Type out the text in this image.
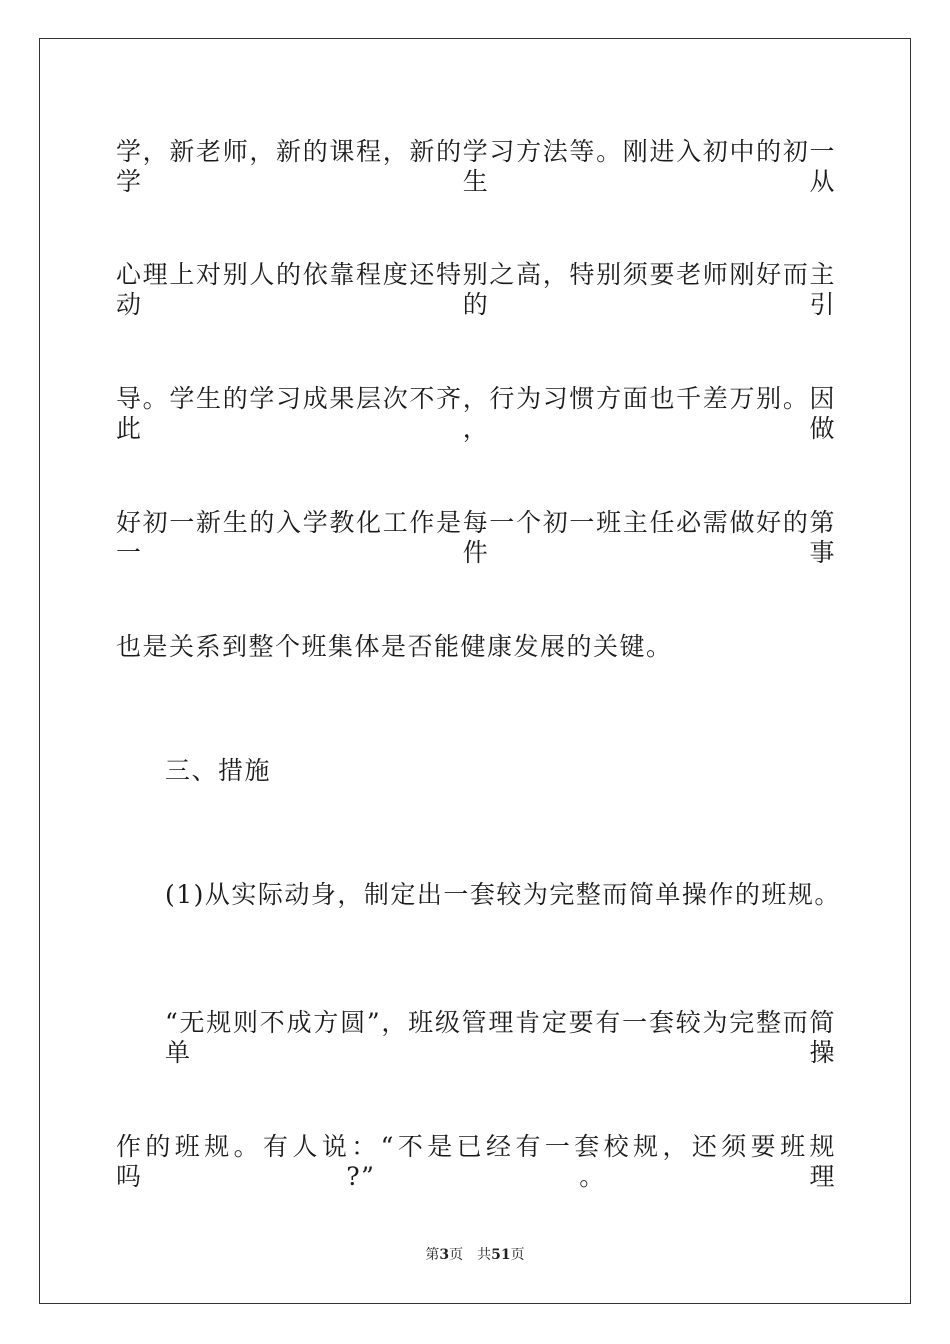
学，新老师，新的课程，新的学习方法等。刚进入初中的初一学生从
心理上对别人的依靠程度还特别之高，特别须要老师刚好而主动的引
导。学生的学习成果层次不齐，行为习惯方面也千差万别。因此，做
好初一新生的入学教化工作是每一个初一班主任必需做好的第一件事
也是关系到整个班集体是否能健康发展的关键。
三、措施
(1)从实际动身，制定出一套较为完整而简单操作的班规。
“无规则不成方圆”，班级管理肯定要有一套较为完整而简单操
作的班规。有人说：“不是已经有一套校规，还须要班规吗?”。理
第3页 共51页
